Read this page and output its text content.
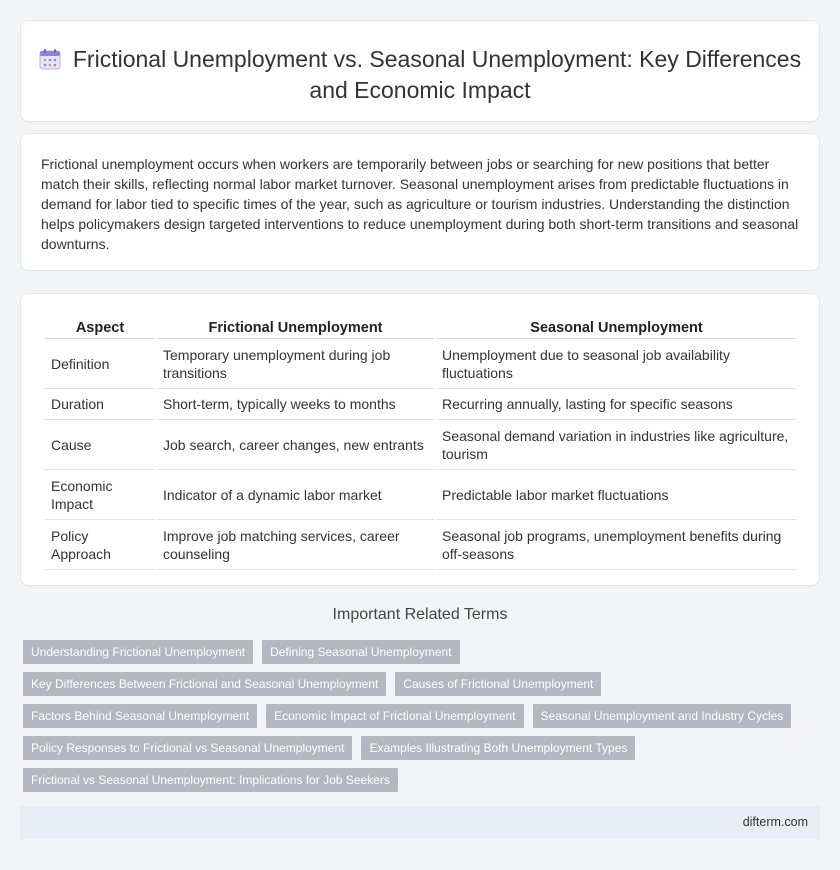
Frictional Unemployment vs. Seasonal Unemployment: Key Differences and Economic Impact

Frictional unemployment occurs when workers are temporarily between jobs or searching for new positions that better match their skills, reflecting normal labor market turnover. Seasonal unemployment arises from predictable fluctuations in demand for labor tied to specific times of the year, such as agriculture or tourism industries. Understanding the distinction helps policymakers design targeted interventions to reduce unemployment during both short-term transitions and seasonal downturns.

Aspect	Frictional Unemployment	Seasonal Unemployment
Definition	Temporary unemployment during job transitions	Unemployment due to seasonal job availability fluctuations
Duration	Short-term, typically weeks to months	Recurring annually, lasting for specific seasons
Cause	Job search, career changes, new entrants	Seasonal demand variation in industries like agriculture, tourism
Economic Impact	Indicator of a dynamic labor market	Predictable labor market fluctuations
Policy Approach	Improve job matching services, career counseling	Seasonal job programs, unemployment benefits during off-seasons
Important Related Terms
Understanding Frictional Unemployment Defining Seasonal Unemployment
Key Differences Between Frictional and Seasonal Unemployment Causes of Frictional Unemployment
Factors Behind Seasonal Unemployment Economic Impact of Frictional Unemployment Seasonal Unemployment and Industry Cycles
Policy Responses to Frictional vs Seasonal Unemployment Examples Illustrating Both Unemployment Types
Frictional vs Seasonal Unemployment: Implications for Job Seekers
difterm.com
